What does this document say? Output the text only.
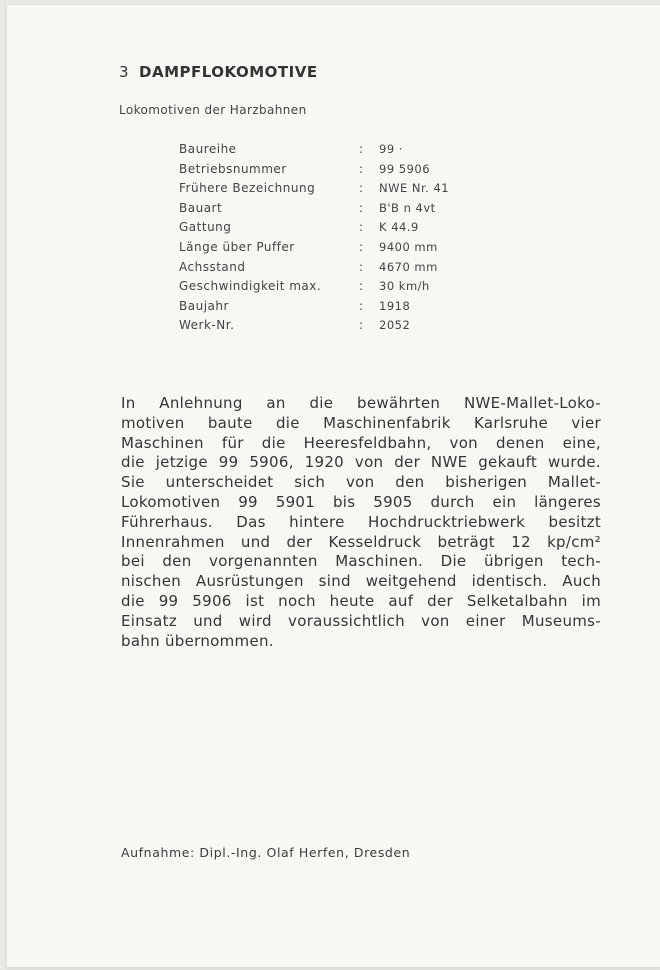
3 DAMPFLOKOMOTIVE
Lokomotiven der Harzbahnen
Baureihe	: 99 ·
Betriebsnummer	: 99 5906
Frühere Bezeichnung	: NWE Nr. 41
Bauart	: B'B n 4vt
Gattung	: K 44.9
Länge über Puffer	: 9400 mm
Achsstand	: 4670 mm
Geschwindigkeit max.	: 30 km/h
Baujahr	: 1918
Werk-Nr.	: 2052
In Anlehnung an die bewährten NWE-Mallet-Loko-
motiven baute die Maschinenfabrik Karlsruhe vier
Maschinen für die Heeresfeldbahn, von denen eine,
die jetzige 99 5906, 1920 von der NWE gekauft wurde.
Sie unterscheidet sich von den bisherigen Mallet-
Lokomotiven 99 5901 bis 5905 durch ein längeres
Führerhaus. Das hintere Hochdrucktriebwerk besitzt
Innenrahmen und der Kesseldruck beträgt 12 kp/cm²
bei den vorgenannten Maschinen. Die übrigen tech-
nischen Ausrüstungen sind weitgehend identisch. Auch
die 99 5906 ist noch heute auf der Selketalbahn im
Einsatz und wird voraussichtlich von einer Museums-
bahn übernommen.
Aufnahme: Dipl.-Ing. Olaf Herfen, Dresden
